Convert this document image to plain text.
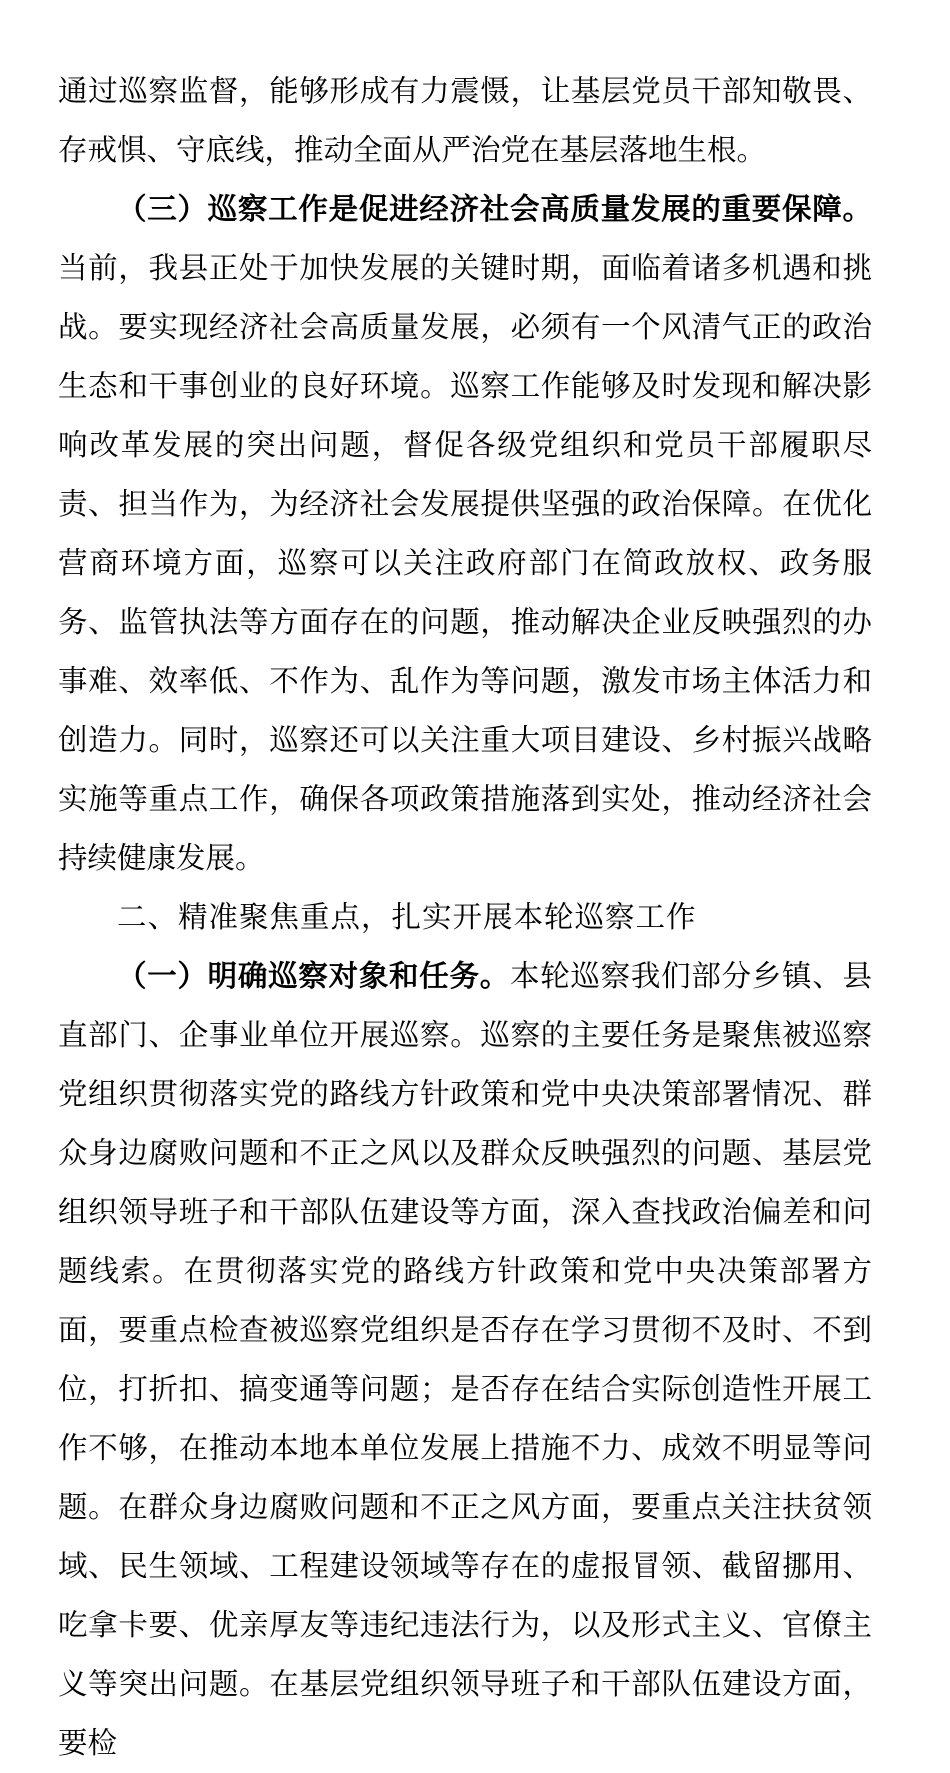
通过巡察监督，能够形成有力震慑，让基层党员干部知敬畏、存戒惧、守底线，推动全面从严治党在基层落地生根。

（三）巡察工作是促进经济社会高质量发展的重要保障。当前，我县正处于加快发展的关键时期，面临着诸多机遇和挑战。要实现经济社会高质量发展，必须有一个风清气正的政治生态和干事创业的良好环境。巡察工作能够及时发现和解决影响改革发展的突出问题，督促各级党组织和党员干部履职尽责、担当作为，为经济社会发展提供坚强的政治保障。在优化营商环境方面，巡察可以关注政府部门在简政放权、政务服务、监管执法等方面存在的问题，推动解决企业反映强烈的办事难、效率低、不作为、乱作为等问题，激发市场主体活力和创造力。同时，巡察还可以关注重大项目建设、乡村振兴战略实施等重点工作，确保各项政策措施落到实处，推动经济社会持续健康发展。

二、精准聚焦重点，扎实开展本轮巡察工作

（一）明确巡察对象和任务。本轮巡察我们部分乡镇、县直部门、企事业单位开展巡察。巡察的主要任务是聚焦被巡察党组织贯彻落实党的路线方针政策和党中央决策部署情况、群众身边腐败问题和不正之风以及群众反映强烈的问题、基层党组织领导班子和干部队伍建设等方面，深入查找政治偏差和问题线索。在贯彻落实党的路线方针政策和党中央决策部署方面，要重点检查被巡察党组织是否存在学习贯彻不及时、不到位，打折扣、搞变通等问题；是否存在结合实际创造性开展工作不够，在推动本地本单位发展上措施不力、成效不明显等问题。在群众身边腐败问题和不正之风方面，要重点关注扶贫领域、民生领域、工程建设领域等存在的虚报冒领、截留挪用、吃拿卡要、优亲厚友等违纪违法行为，以及形式主义、官僚主义等突出问题。在基层党组织领导班子和干部队伍建设方面，要检
